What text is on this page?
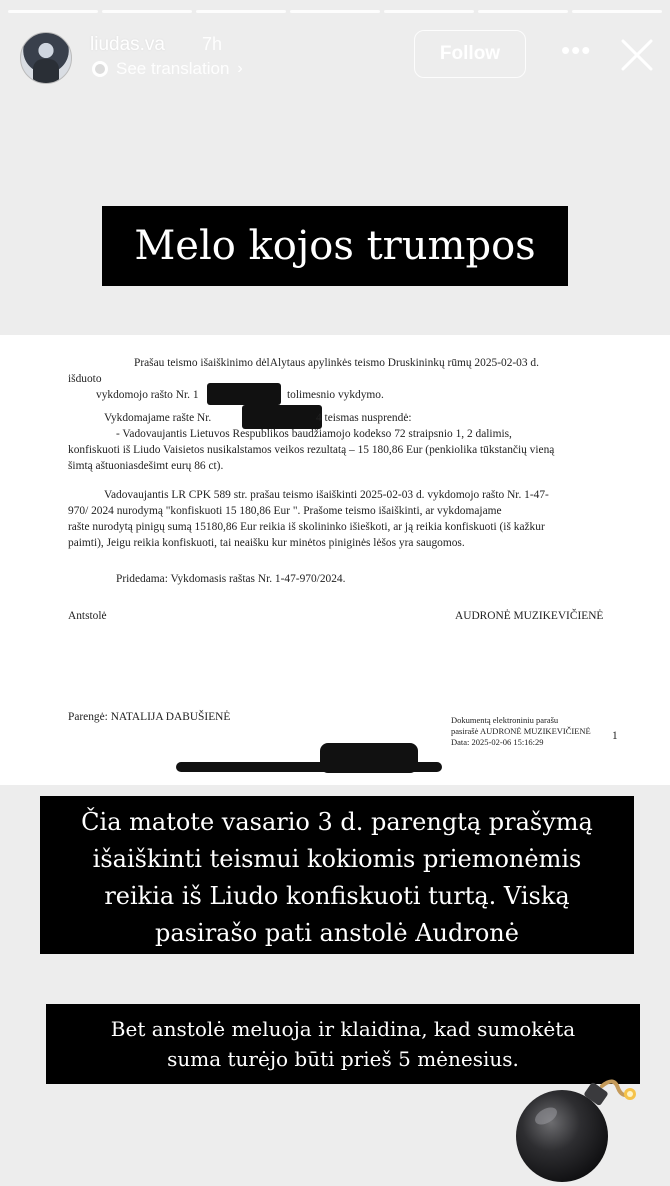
liudas.va 7h
See translation ›
Follow	•••
Melo kojos trumpos
Prašau teismo išaiškinimo dėlAlytaus apylinkės teismo Druskininkų rūmų 2025-02-03 d.
išduoto
vykdomojo rašto Nr. 1	tolimesnio vykdymo.
Vykdomajame rašte Nr.	4 teismas nusprendė:
- Vadovaujantis Lietuvos Respublikos baudžiamojo kodekso 72 straipsnio 1, 2 dalimis,
konfiskuoti iš Liudo Vaisietos nusikalstamos veikos rezultatą – 15 180,86 Eur (penkiolika tūkstančių vieną
šimtą aštuoniasdešimt eurų 86 ct).
Vadovaujantis LR CPK 589 str. prašau teismo išaiškinti 2025-02-03 d. vykdomojo rašto Nr. 1-47-
970/ 2024 nurodymą "konfiskuoti 15 180,86 Eur ". Prašome teismo išaiškinti, ar vykdomajame
rašte nurodytą pinigų sumą 15180,86 Eur reikia iš skolininko išieškoti, ar ją reikia konfiskuoti (iš kažkur
paimti), Jeigu reikia konfiskuoti, tai neaišku kur minėtos piniginės lėšos yra saugomos.
Pridedama: Vykdomasis raštas Nr. 1-47-970/2024.
Antstolė	AUDRONĖ MUZIKEVIČIENĖ
Parengė: NATALIJA DABUŠIENĖ	Dokumentą elektroniniu parašu
pasirašė AUDRONĖ MUZIKEVIČIENĖ
Data: 2025-02-06 15:16:29	1
Čia matote vasario 3 d. parengtą prašymą
išaiškinti teismui kokiomis priemonėmis
reikia iš Liudo konfiskuoti turtą. Viską
pasirašo pati anstolė Audronė
Bet anstolė meluoja ir klaidina, kad sumokėta
suma turėjo būti prieš 5 mėnesius.
